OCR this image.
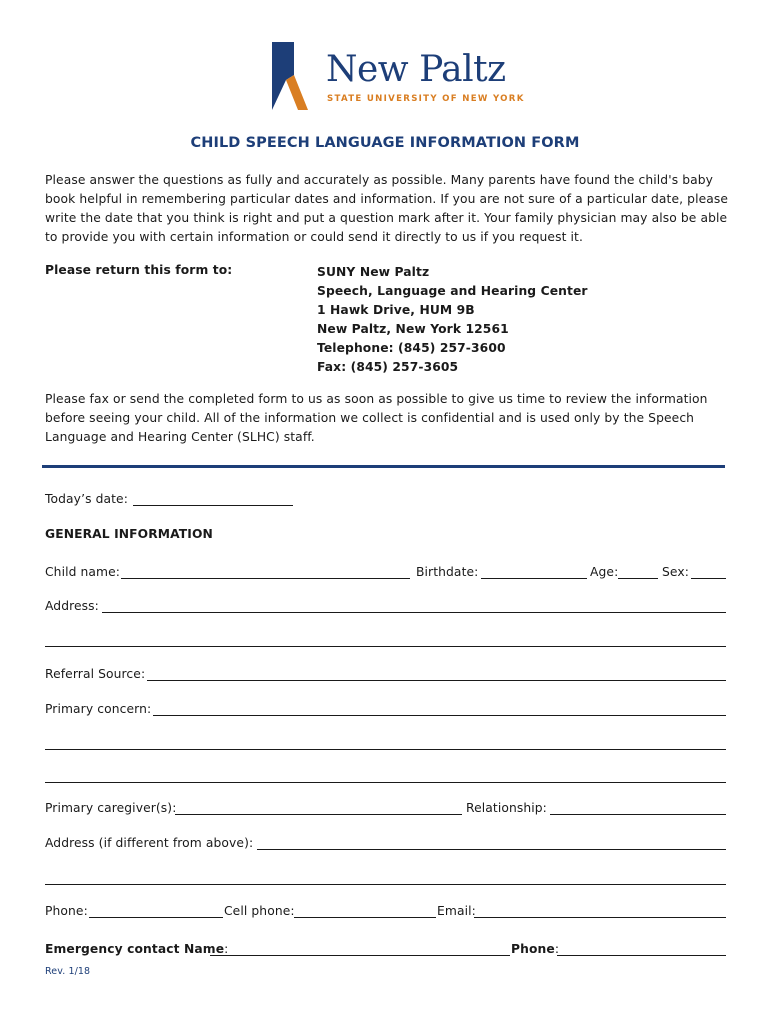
New Paltz
STATE UNIVERSITY OF NEW YORK
CHILD SPEECH LANGUAGE INFORMATION FORM
Please answer the questions as fully and accurately as possible. Many parents have found the child's baby book helpful in remembering particular dates and information. If you are not sure of a particular date, please write the date that you think is right and put a question mark after it. Your family physician may also be able to provide you with certain information or could send it directly to us if you request it.
Please return this form to:	SUNY New Paltz
Speech, Language and Hearing Center
1 Hawk Drive, HUM 9B
New Paltz, New York 12561
Telephone: (845) 257-3600
Fax: (845) 257-3605
Please fax or send the completed form to us as soon as possible to give us time to review the information before seeing your child. All of the information we collect is confidential and is used only by the Speech Language and Hearing Center (SLHC) staff.
Today’s date:
GENERAL INFORMATION
Child name:	Birthdate:	Age:	Sex:
Address:
Referral Source:
Primary concern:
Primary caregiver(s):	Relationship:
Address (if different from above):
Phone:	Cell phone:	Email:
Emergency contact Name:	Phone:
Rev. 1/18
